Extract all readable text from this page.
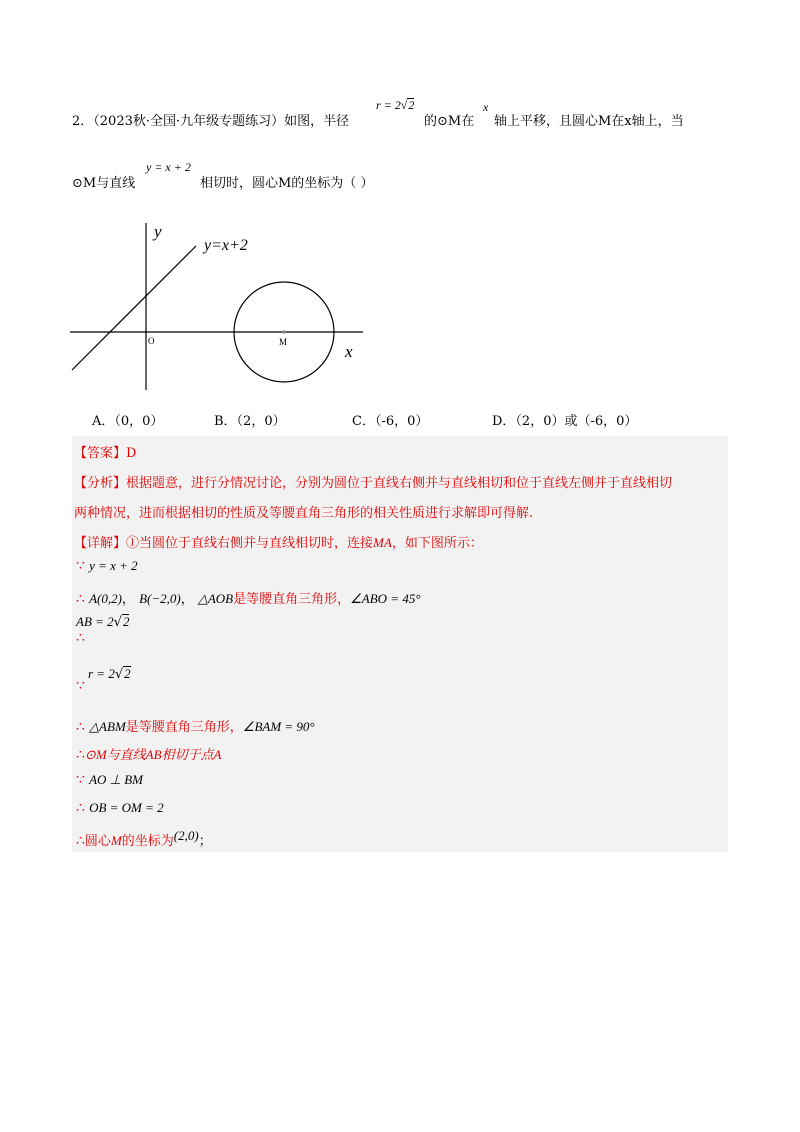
2．（2023秋·全国·九年级专题练习）如图，半径
r = 2√2
的⊙M在
x
轴上平移，且圆心M在x轴上，当
⊙M与直线
y = x + 2
相切时，圆心M的坐标为（ ）
y
x
O	M
y=x+2
A．（0，0）	B．（2，0）	C．（-6，0）	D．（2，0）或（-6，0）
【答案】D
【分析】根据题意，进行分情况讨论，分别为圆位于直线右侧并与直线相切和位于直线左侧并于直线相切
两种情况，进而根据相切的性质及等腰直角三角形的相关性质进行求解即可得解.
【详解】①当圆位于直线右侧并与直线相切时，连接MA，如下图所示：
∵ y = x + 2
∴ A(0,2)， B(−2,0)， △AOB是等腰直角三角形，∠ABO = 45°
AB = 2√2
∴
r = 2√2
∵
∴ △ABM是等腰直角三角形，∠BAM = 90°
∴⊙M与直线AB相切于点A
∵ AO ⊥ BM
∴ OB = OM = 2
∴圆心M的坐标为(2,0)；
